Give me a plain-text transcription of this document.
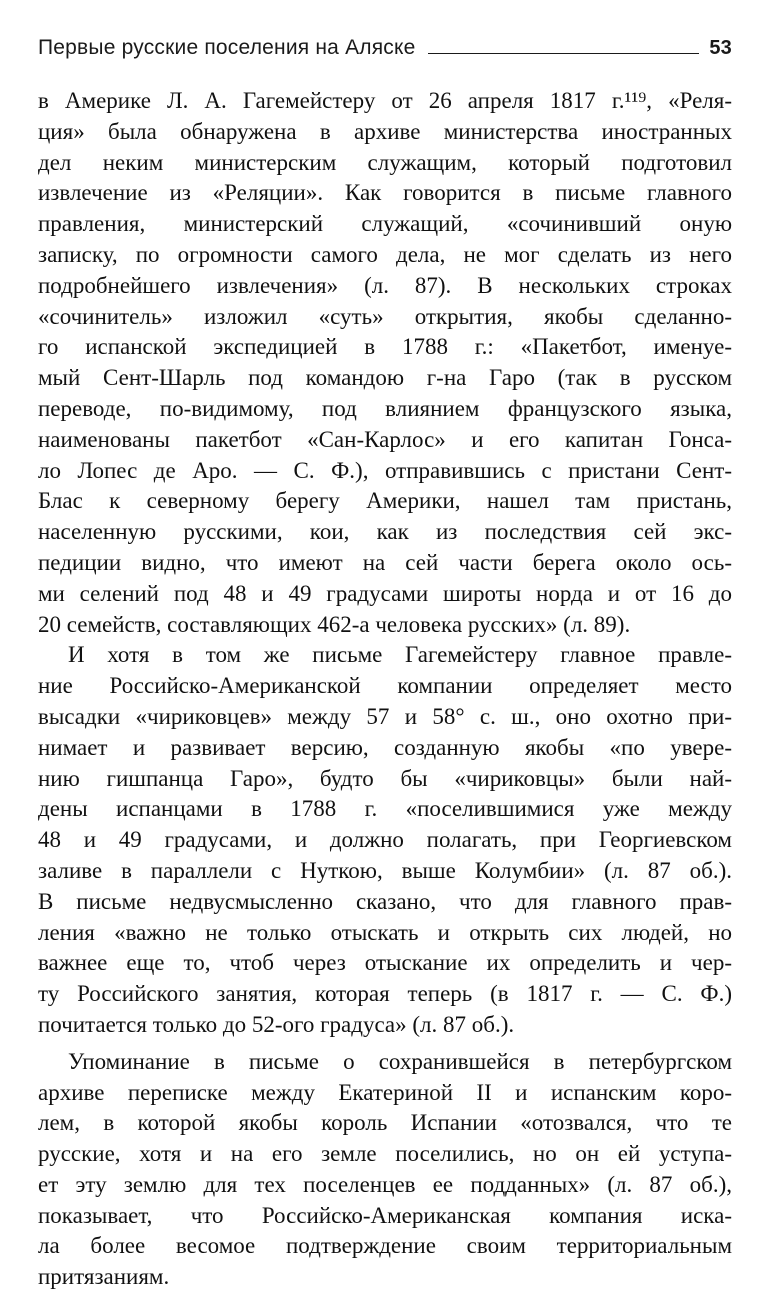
Первые русские поселения на Аляске	53
в Америке Л. А. Гагемейстеру от 26 апреля 1817 г.¹¹⁹, «Реля-
ция» была обнаружена в архиве министерства иностранных
дел неким министерским служащим, который подготовил
извлечение из «Реляции». Как говорится в письме главного
правления, министерский служащий, «сочинивший оную
записку, по огромности самого дела, не мог сделать из него
подробнейшего извлечения» (л. 87). В нескольких строках
«сочинитель» изложил «суть» открытия, якобы сделанно-
го испанской экспедицией в 1788 г.: «Пакетбот, именуе-
мый Сент-Шарль под командою г-на Гаро (так в русском
переводе, по-видимому, под влиянием французского языка,
наименованы пакетбот «Сан-Карлос» и его капитан Гонса-
ло Лопес де Аро. — С. Ф.), отправившись с пристани Сент-
Блас к северному берегу Америки, нашел там пристань,
населенную русскими, кои, как из последствия сей экс-
педиции видно, что имеют на сей части берега около ось-
ми селений под 48 и 49 градусами широты норда и от 16 до
20 семейств, составляющих 462-а человека русских» (л. 89).
И хотя в том же письме Гагемейстеру главное правле-
ние Российско-Американской компании определяет место
высадки «чириковцев» между 57 и 58° с. ш., оно охотно при-
нимает и развивает версию, созданную якобы «по уверe-
нию гишпанца Гаро», будто бы «чириковцы» были най-
дены испанцами в 1788 г. «поселившимися уже между
48 и 49 градусами, и должно полагать, при Георгиевском
заливе в параллели с Нуткою, выше Колумбии» (л. 87 об.).
В письме недвусмысленно сказано, что для главного прав-
ления «важно не только отыскать и открыть сих людей, но
важнее еще то, чтоб через отыскание их определить и чер-
ту Российского занятия, которая теперь (в 1817 г. — С. Ф.)
почитается только до 52-ого градуса» (л. 87 об.).
Упоминание в письме о сохранившейся в петербургском
архиве переписке между Екатериной II и испанским коро-
лем, в которой якобы король Испании «отозвался, что те
русские, хотя и на его земле поселились, но он ей уступа-
ет эту землю для тех поселенцев ее подданных» (л. 87 об.),
показывает, что Российско-Американская компания иска-
ла более весомое подтверждение своим территориальным
притязаниям.
